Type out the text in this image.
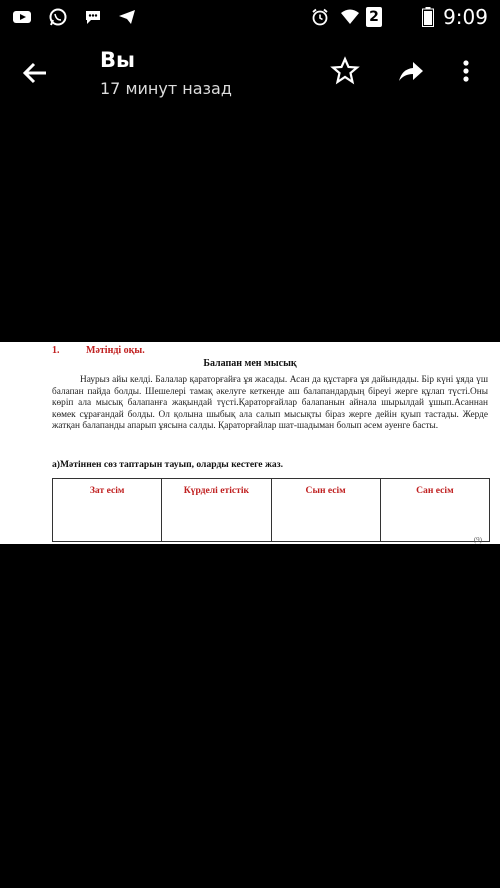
2	9:09
Вы
17 минут назад
1.	Мәтінді оқы.
Балапан мен мысық
Наурыз айы келді. Балалар қараторғайға ұя жасады. Асан да құстарға ұя дайындады. Бір күні ұяда үш балапан пайда болды. Шешелері тамақ әкелуге кеткенде аш балапандардың біреуі жерге құлап түсті.Оны көріп ала мысық балапанға жақындай түсті.Қараторғайлар балапанын айнала шырылдай ұшып.Асаннан көмек сұрағандай болды. Ол қолына шыбық ала салып мысықты біраз жерге дейін қуып тастады. Жерде жатқан балапанды апарып ұясына салды. Қараторғайлар шат-шадыман болып әсем әуенге басты.
а)Мәтіннен сөз таптарын тауып, оларды кестеге жаз.
Зат есім	Күрделі етістік	Сын есім	Сан есім
(9)
